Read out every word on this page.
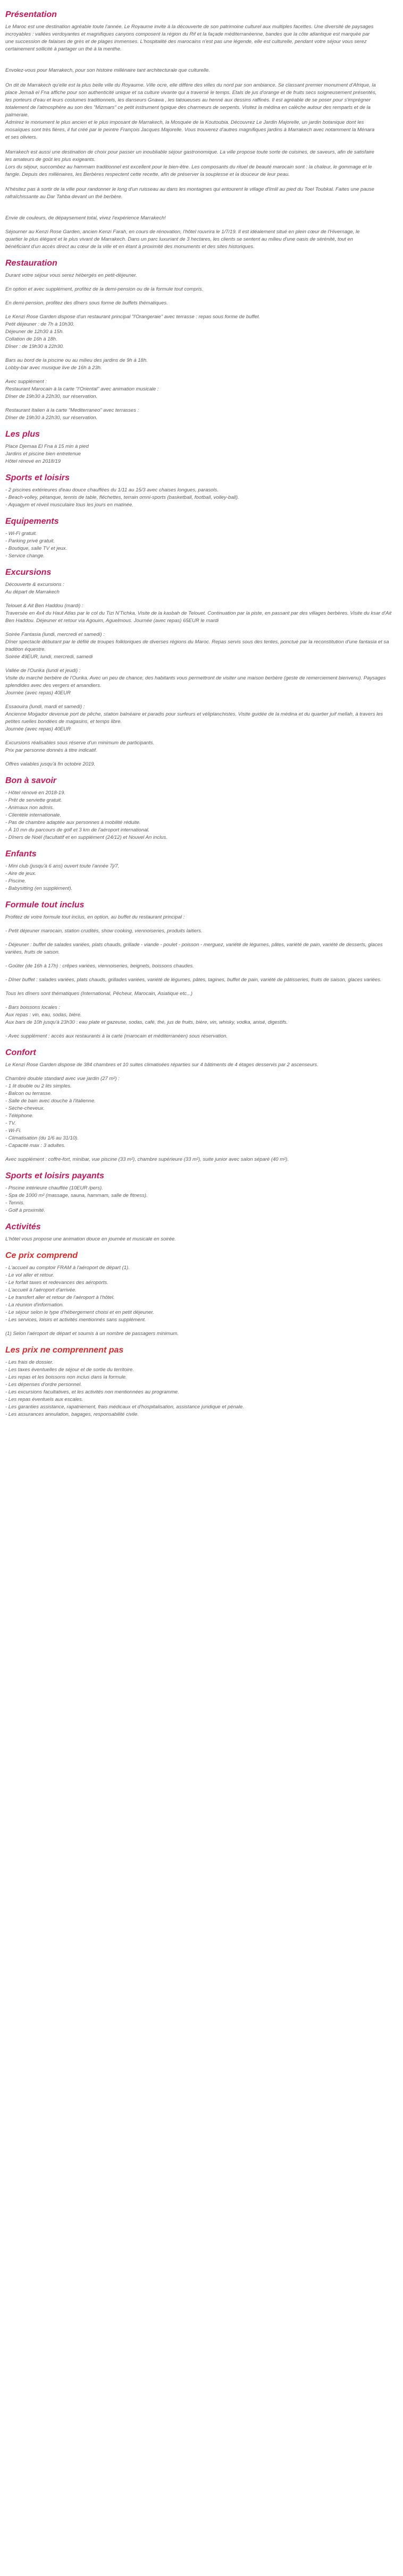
Présentation
Le Maroc est une destination agréable toute l'année. Le Royaume invite à la découverte de son patrimoine culturel aux multiples facettes. Une diversité de paysages incroyables : vallées verdoyantes et magnifiques canyons composent la région du Rif et la façade méditerranéenne, bandes que la côte atlantique est marquée par une succession de falaises de grès et de plages immenses. L'hospitalité des marocains n'est pas une légende, elle est culturelle, pendant votre séjour vous serez certainement sollicité à partager un thé à la menthe.
Envolez-vous pour Marrakech, pour son histoire millénaire tant architecturale que culturelle.
On dit de Marrakech qu'elle est la plus belle ville du Royaume. Ville ocre, elle diffère des villes du nord par son ambiance. Se classant premier monument d'Afrique, la place Jemaâ el Fna affiche pour son authenticité unique et sa culture vivante qui a traversé le temps. Etals de jus d'orange et de fruits secs soigneusement présentés, les porteurs d'eau et leurs costumes traditionnels, les danseurs Gnawa , les tatoueuses au henné aux dessins raffinés. Il est agréable de se poser pour s'imprégner totalement de l'atmosphère au son des "Mizmars" ce petit instrument typique des charmeurs de serpents. Visitez la médina en calèche autour des remparts et de la palmeraie.
Admirez le monument le plus ancien et le plus imposant de Marrakech, la Mosquée de la Koutoubia. Découvrez Le Jardin Majorelle, un jardin botanique dont les mosaïques sont très fières, il fut créé par le peintre François Jacques Majorelle. Vous trouverez d'autres magnifiques jardins à Marrakech avec notamment la Ménara et ses oliviers.
Marrakech est aussi une destination de choix pour passer un inoubliable séjour gastronomique. La ville propose toute sorte de cuisines, de saveurs, afin de satisfaire les amateurs de goût les plus exigeants.
Lors du séjour, succombez au hammam traditionnel est excellent pour le bien-être. Les composants du rituel de beauté marocain sont : la chaleur, le gommage et le fangle. Depuis des millénaires, les Berbères respectent cette recette, afin de préserver la souplesse et la douceur de leur peau.
N'hésitez pas à sortir de la ville pour randonner le long d'un ruisseau au dans les montagnes qui entourent le village d'Imlil au pied du Toel Toubkal. Faites une pause rafraîchissante au Dar Tahba devant un thé berbère.
Envie de couleurs, de dépaysement total, vivez l'expérience Marrakech!
Séjourner au Kenzi Rose Garden, ancien Kenzi Farah, en cours de rénovation, l'hôtel rouvrira le 1/7/19. Il est idéalement situé en plein cœur de l'Hivernage, le quartier le plus élégant et le plus vivant de Marrakech. Dans un parc luxuriant de 3 hectares, les clients se sentent au milieu d'une oasis de sérénité, tout en bénéficiant d'un accès direct au cœur de la ville et en étant à proximité des monuments et des sites historiques.
Restauration
Durant votre séjour vous serez hébergés en petit-déjeuner.
En option et avec supplément, profitez de la demi-pension ou de la formule tout compris.
En demi-pension, profitez des dîners sous forme de buffets thématiques.
Le Kenzi Rose Garden dispose d'un restaurant principal "l'Orangeraie" avec terrasse : repas sous forme de buffet.
Petit déjeuner : de 7h à 10h30.
Déjeuner de 12h30 à 15h.
Collation de 16h à 18h.
Dîner : de 19h30 à 22h30.
Bars au bord de la piscine ou au milieu des jardins de 9h à 18h.
Lobby-bar avec musique live de 16h à 23h.
Avec supplément :
Restaurant Marocain à la carte "l'Oriental" avec animation musicale :
Dîner de 19h30 à 22h30, sur réservation.
Restaurant Italien à la carte "Mediterraneo" avec terrasses :
Dîner de 19h30 à 22h30, sur réservation.
Les plus
Place Djemaa El Fna à 15 min à pied
Jardins et piscine bien entretenue
Hôtel rénové en 2018/19
Sports et loisirs
- 2 piscines extérieures d'eau douce chauffées du 1/11 au 15/3 avec chaises longues, parasols.
- Beach-volley, pétanque, tennis de table, fléchettes, terrain omni-sports (basketball, football, volley-ball).
- Aquagym et réveil musculaire tous les jours en matinée.
Equipements
- Wi-Fi gratuit.
- Parking privé gratuit.
- Boutique, salle TV et jeux.
- Service change.
Excursions
Découverte & excursions :
Au départ de Marrakech
Telouet & Ait Ben Haddou (mardi) :
Traversée en 4x4 du Haut Atlas par le col du Tizi N'Tichka. Visite de la kasbah de Telouet. Continuation par la piste, en passant par des villages berbères. Visite du ksar d'Ait Ben Haddou. Déjeuner et retour via Agouim, Aguelmous. Journée (avec repas) 65EUR le mardi
Soirée Fantasia (lundi, mercredi et samedi) :
Dîner spectacle débutant par le défilé de troupes folkloriques de diverses régions du Maroc. Repas servis sous des tentes, ponctué par la reconstitution d'une fantasia et sa tradition équestre.
Soirée 49EUR, lundi, mercredi, samedi
Vallée de l'Ourika (lundi et jeudi) :
Visite du marché berbère de l'Ourika. Avec un peu de chance, des habitants vous permettront de visiter une maison berbère (geste de remerciement bienvenu). Paysages splendides avec des vergers et amandiers.
Journée (avec repas) 40EUR
Essaouira (lundi, mardi et samedi) :
Ancienne Mogador devenue port de pêche, station balnéaire et paradis pour surfeurs et véliplanchistes. Visite guidée de la médina et du quartier juif mellah, à travers les petites ruelles bondées de magasins, et temps libre.
Journée (avec repas) 40EUR
Excursions réalisables sous réserve d'un minimum de participants.
Prix par personne donnés à titre indicatif.
Offres valables jusqu'à fin octobre 2019.
Bon à savoir
- Hôtel rénové en 2018-19.
- Prêt de serviette gratuit.
- Animaux non admis.
- Clientèle internationale.
- Pas de chambre adaptée aux personnes à mobilité réduite.
- À 10 mn du parcours de golf et 3 km de l'aéroport international.
- Dîners de Noël (facultatif et en supplément (24/12) et Nouvel An inclus.
Enfants
- Mini club (jusqu'à 6 ans) ouvert toute l'année 7j/7.
- Aire de jeux.
- Piscine.
- Babysitting (en supplément).
Formule tout inclus
Profitez de votre formule tout inclus, en option, au buffet du restaurant principal :
- Petit déjeuner marocain, station crudités, show cooking, viennoiseries, produits laitiers.
- Déjeuner : buffet de salades variées, plats chauds, grillade - viande - poulet - poisson - merguez, variété de légumes, pâtes, variété de pain, variété de desserts, glaces variées, fruits de saison.
- Goûter (de 16h à 17h) : crêpes variées, viennoiseries, beignets, boissons chaudes.
- Dîner buffet : salades variées, plats chauds, grillades variées, variété de légumes, pâtes, tagines, buffet de pain, variété de pâtisseries, fruits de saison, glaces variées.
Tous les dîners sont thématiques (International, Pêcheur, Marocain, Asiatique etc...)
- Bars boissons locales :
Aux repas : vin, eau, sodas, bière.
Aux bars de 10h jusqu'à 23h30 : eau plate et gazeuse, sodas, café, thé, jus de fruits, bière, vin, whisky, vodka, anisé, digestifs.
- Avec supplément : accès aux restaurants à la carte (marocain et méditerranéen) sous réservation.
Confort
Le Kenzi Rose Garden dispose de 384 chambres et 10 suites climatisées réparties sur 4 bâtiments de 4 étages desservis par 2 ascenseurs.
Chambre double standard avec vue jardin (27 m²) :
- 1 lit double ou 2 lits simples.
- Balcon ou terrasse.
- Salle de bain avec douche à l'italienne.
- Sèche-cheveux.
- Téléphone.
- TV.
- Wi-Fi.
- Climatisation (du 1/6 au 31/10).
- Capacité max : 3 adultes.
Avec supplément : coffre-fort, minibar, vue piscine (33 m²), chambre supérieure (33 m²), suite junior avec salon séparé (40 m²).
Sports et loisirs payants
- Piscine intérieure chauffée (10EUR /pers).
- Spa de 1000 m² (massage, sauna, hammam, salle de fitness).
- Tennis.
- Golf à proximité.
Activités
L'hôtel vous propose une animation douce en journée et musicale en soirée.
Ce prix comprend
- L'accueil au comptoir FRAM à l'aéroport de départ (1).
- Le vol aller et retour.
- Le forfait taxes et redevances des aéroports.
- L'accueil à l'aéroport d'arrivée.
- Le transfert aller et retour de l'aéroport à l'hôtel.
- La réunion d'information.
- Le séjour selon le type d'hébergement choisi et en petit déjeuner.
- Les services, loisirs et activités mentionnés sans supplément.
(1) Selon l'aéroport de départ et soumis à un nombre de passagers minimum.
Les prix ne comprennent pas
- Les frais de dossier.
- Les taxes éventuelles de séjour et de sortie du territoire.
- Les repas et les boissons non inclus dans la formule.
- Les dépenses d'ordre personnel.
- Les excursions facultatives, et les activités non mentionnées au programme.
- Les repas éventuels aux escales.
- Les garanties assistance, rapatriement, frais médicaux et d'hospitalisation, assistance juridique et pénale.
- Les assurances annulation, bagages, responsabilité civile.
